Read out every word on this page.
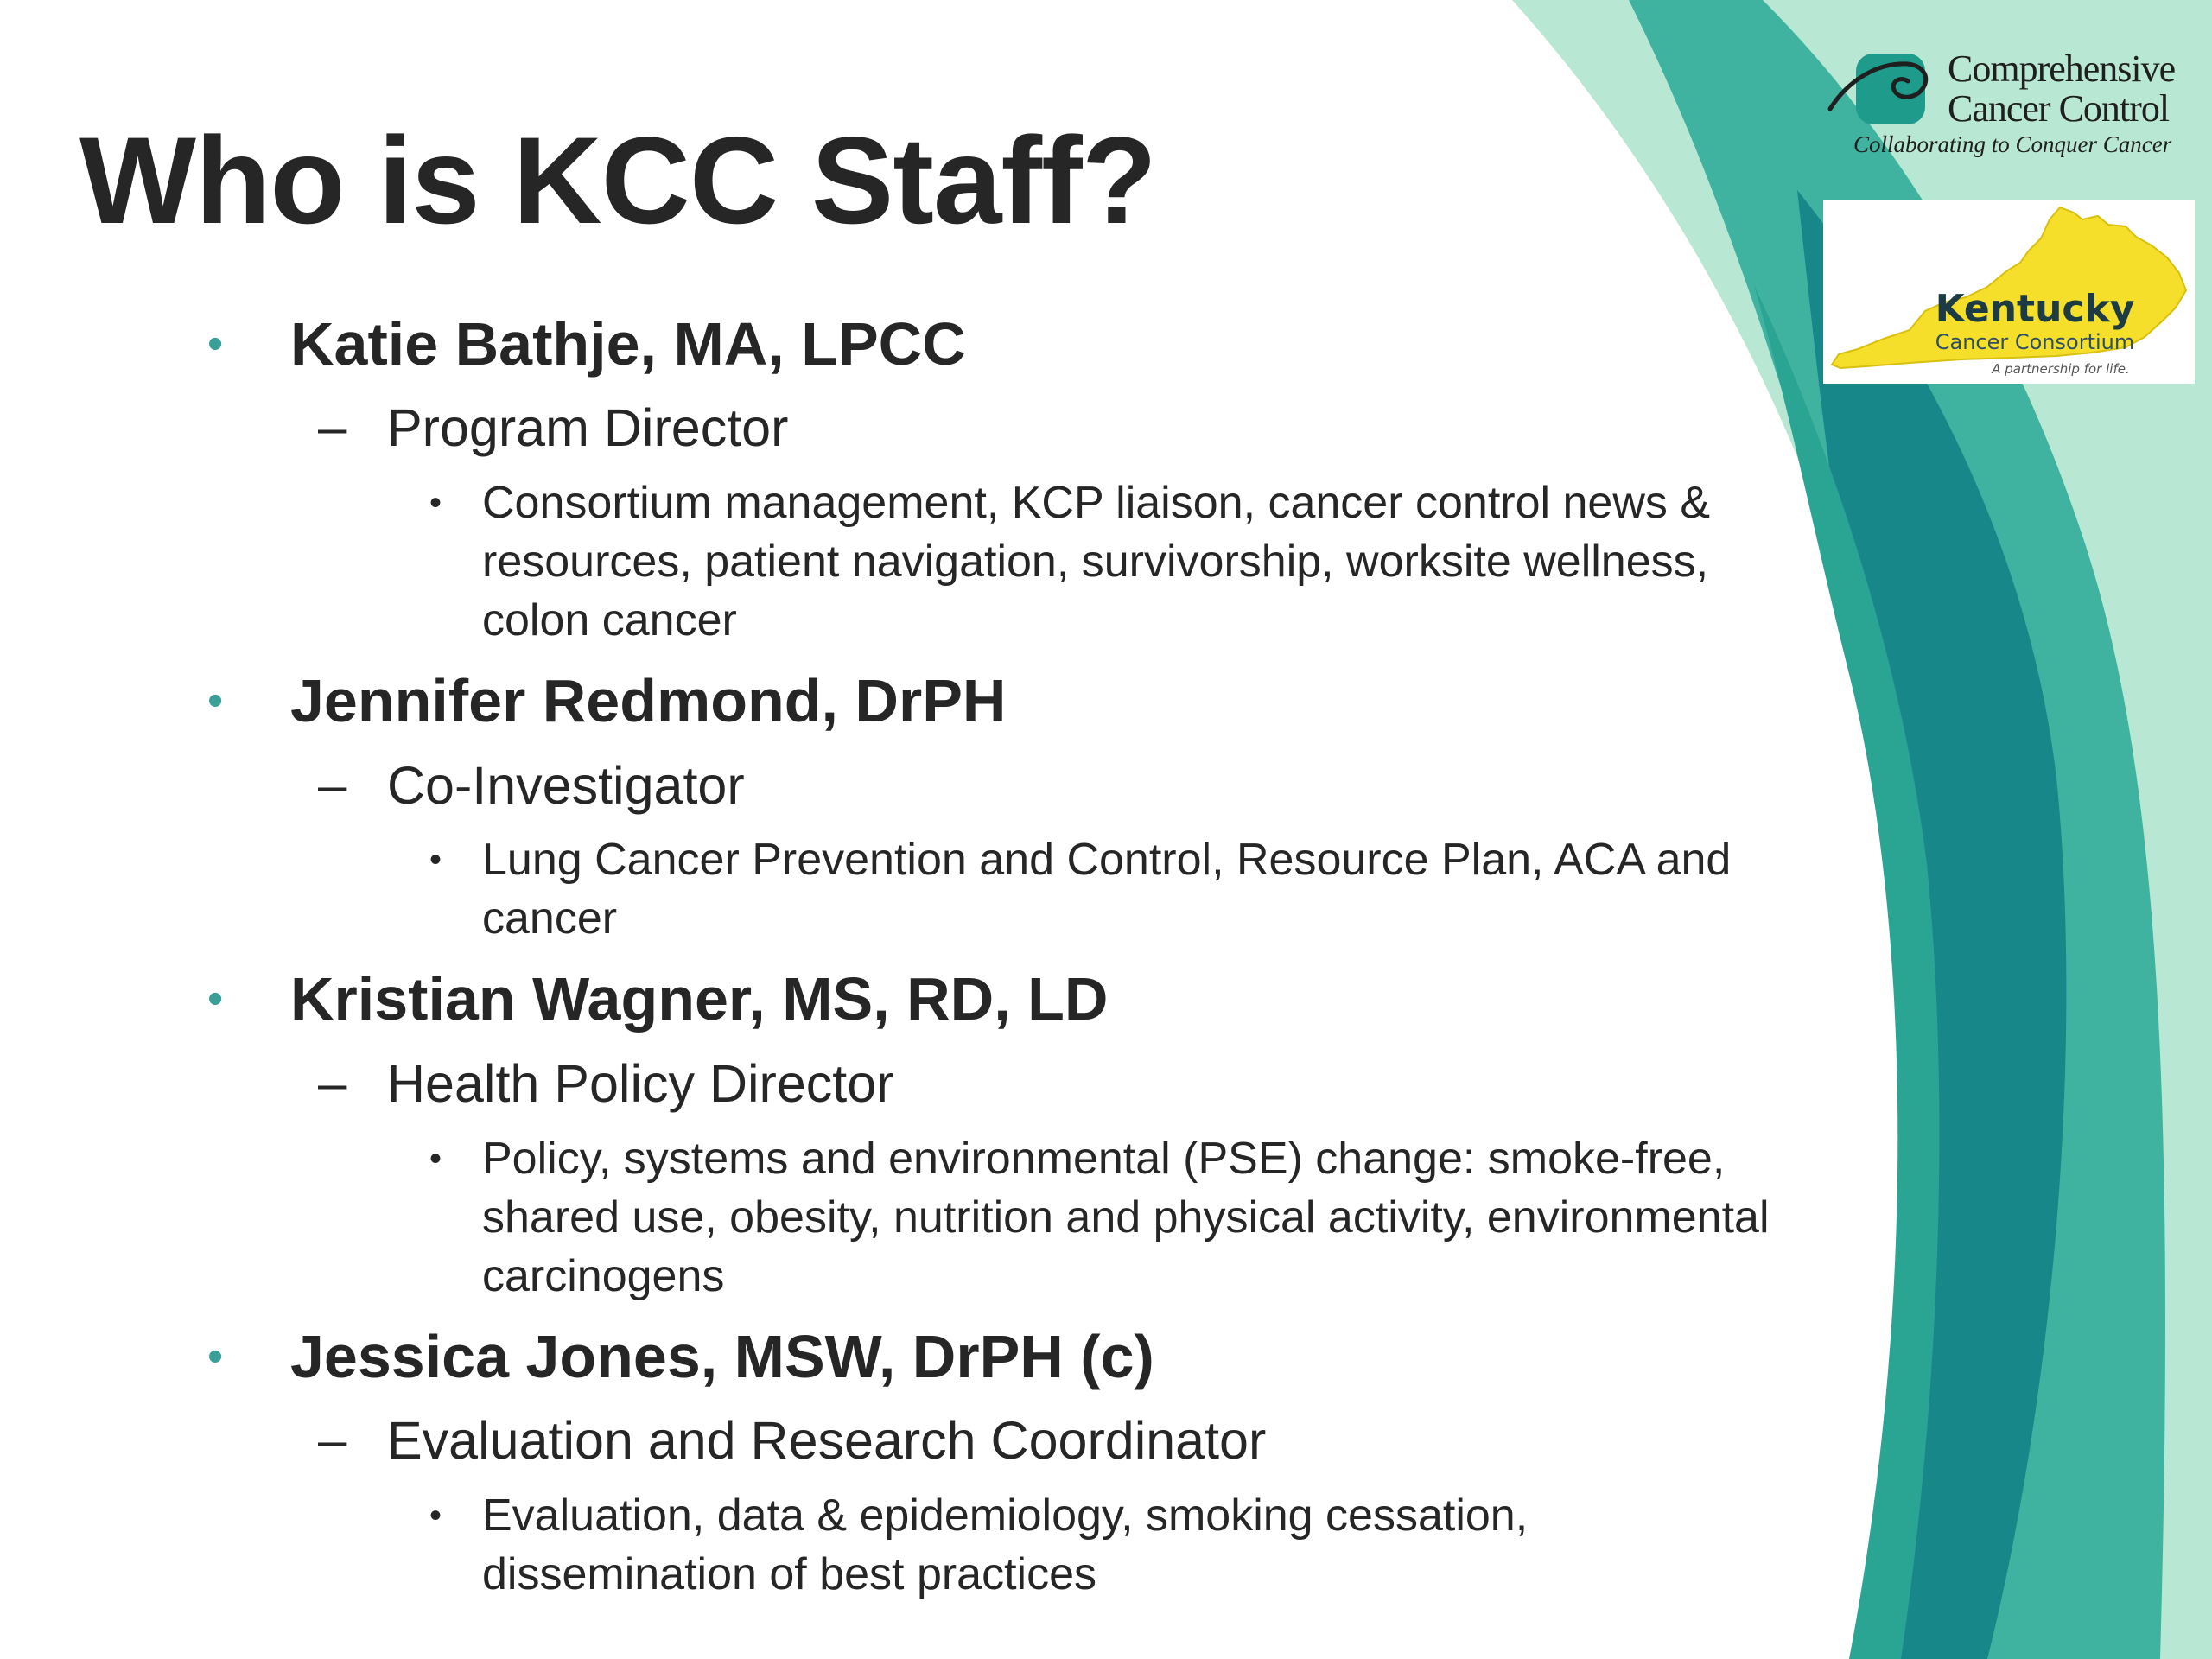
Who is KCC Staff?
Comprehensive
Cancer Control
Collaborating to Conquer Cancer
Kentucky
Cancer Consortium
A partnership for life.
• Katie Bathje, MA, LPCC
– Program Director
• Consortium management, KCP liaison, cancer control news &
resources, patient navigation, survivorship, worksite wellness,
colon cancer
• Jennifer Redmond, DrPH
– Co-Investigator
• Lung Cancer Prevention and Control, Resource Plan, ACA and
cancer
• Kristian Wagner, MS, RD, LD
– Health Policy Director
• Policy, systems and environmental (PSE) change: smoke-free,
shared use, obesity, nutrition and physical activity, environmental
carcinogens
• Jessica Jones, MSW, DrPH (c)
– Evaluation and Research Coordinator
• Evaluation, data & epidemiology, smoking cessation,
dissemination of best practices
